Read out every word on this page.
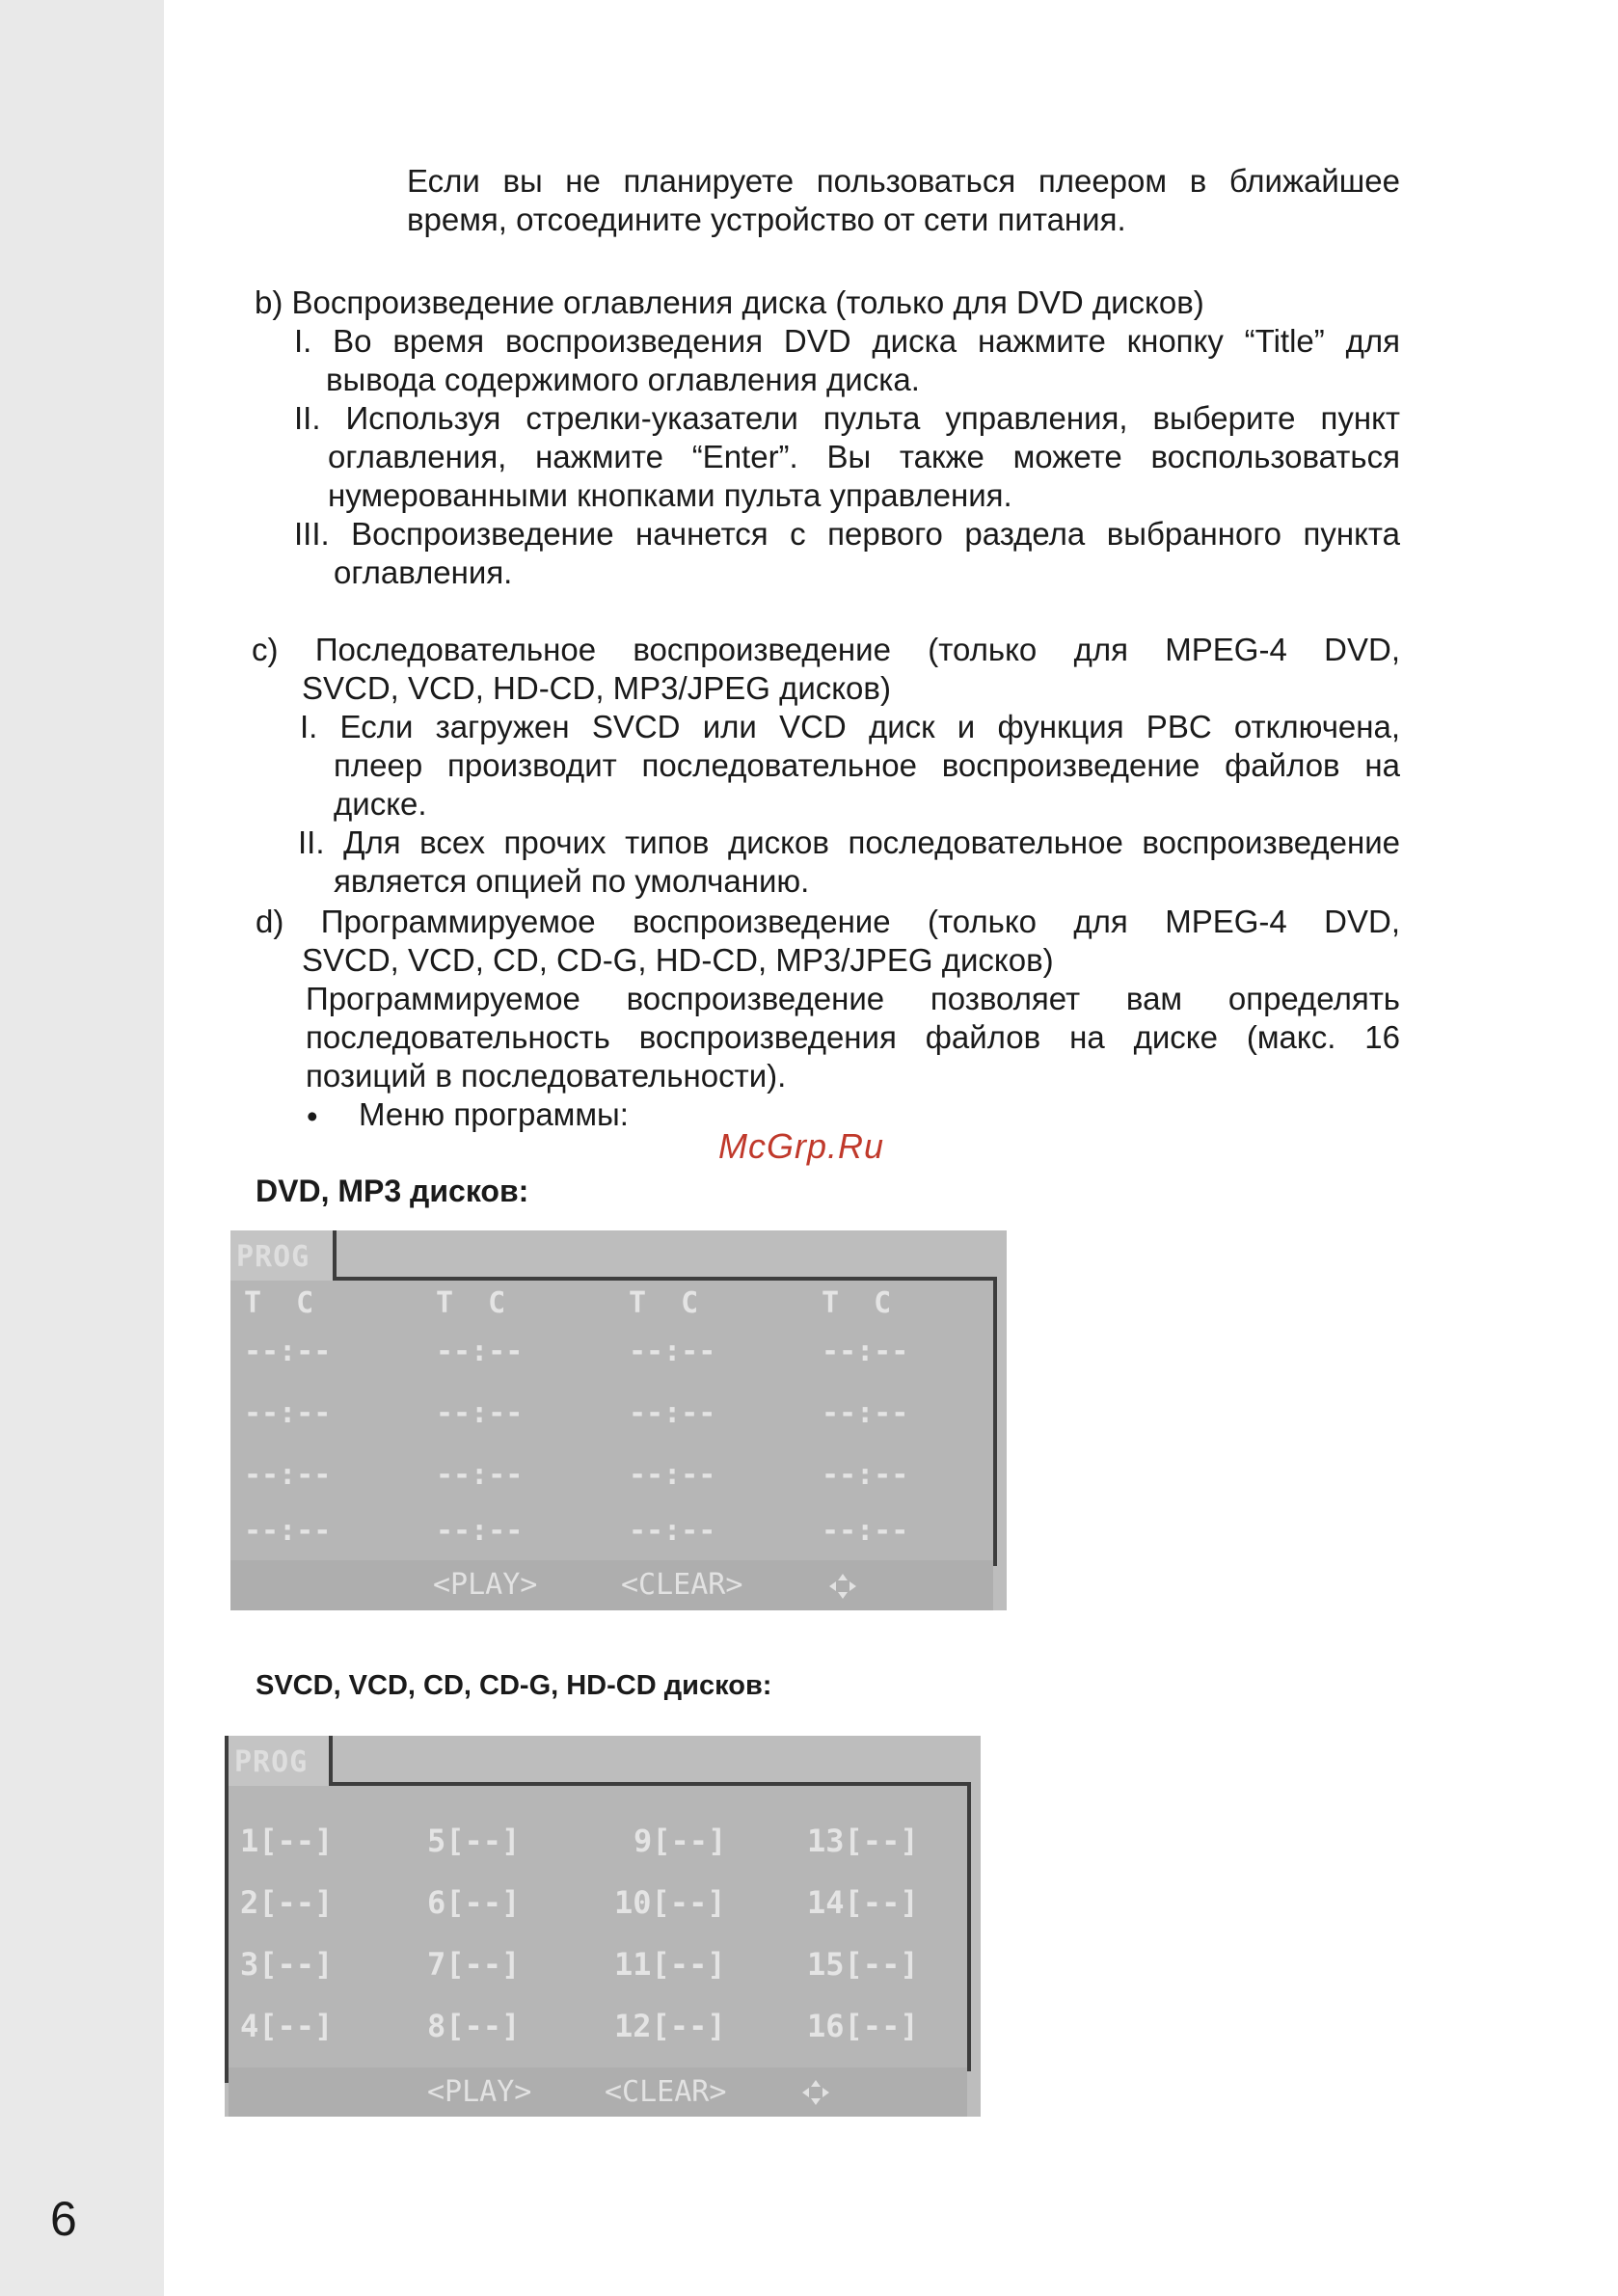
6
Если вы не планируете пользоваться плеером в ближайшее
время, отсоедините устройство от сети питания.
b) Воспроизведение оглавления диска (только для DVD дисков)
I. Во время воспроизведения DVD диска нажмите кнопку “Title” для
вывода содержимого оглавления диска.
II. Используя стрелки-указатели пульта управления, выберите пункт
оглавления, нажмите “Enter”. Вы также можете воспользоваться
нумерованными кнопками пульта управления.
III. Воспроизведение начнется с первого раздела выбранного пункта
оглавления.
c) Последовательное воспроизведение (только для MPEG-4 DVD,
SVCD, VCD, HD-CD, MP3/JPEG дисков)
I. Если загружен SVCD или VCD диск и функция PBC отключена,
плеер производит последовательное воспроизведение файлов на
диске.
II. Для всех прочих типов дисков последовательное воспроизведение
является опцией по умолчанию.
d) Программируемое воспроизведение (только для MPEG-4 DVD,
SVCD, VCD, CD, CD-G, HD-CD, MP3/JPEG дисков)
Программируемое воспроизведение позволяет вам определять
последовательность воспроизведения файлов на диске (макс. 16
позиций в последовательности).
• Меню программы:
McGrp.Ru
DVD, MP3 дисков:
PROG
T  C	T  C	T  C	T  C
--:--	--:--	--:--	--:--
--:--	--:--	--:--	--:--
--:--	--:--	--:--	--:--
--:--	--:--	--:--	--:--
<PLAY>	<CLEAR>
SVCD, VCD, CD, CD-G, HD-CD дисков:
PROG
1[--]	5[--]	9[--]	13[--]
2[--]	6[--]	10[--]	14[--]
3[--]	7[--]	11[--]	15[--]
4[--]	8[--]	12[--]	16[--]
<PLAY>	<CLEAR>
